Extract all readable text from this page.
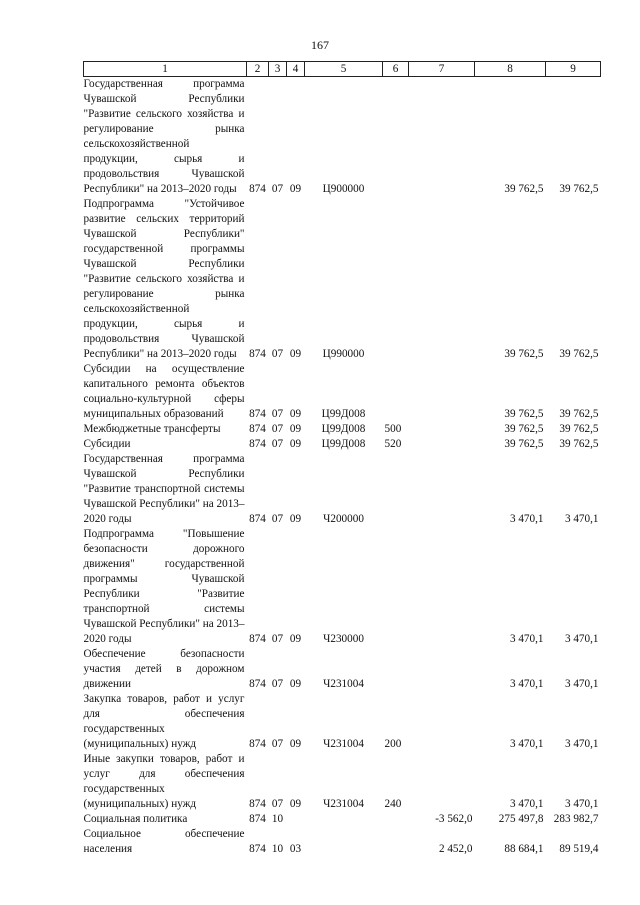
167
1	2	3	4	5	6	7	8	9
Государственная программа Чувашской Республики "Развитие сельского хозяйства и регулирование рынка сельскохозяйственной продукции, сырья и продовольствия Чувашской Республики" на 2013–2020 годы	874	07	09	Ц900000			39 762,5	39 762,5
Подпрограмма "Устойчивое развитие сельских территорий Чувашской Республики" государственной программы Чувашской Республики "Развитие сельского хозяйства и регулирование рынка сельскохозяйственной продукции, сырья и продовольствия Чувашской Республики" на 2013–2020 годы	874	07	09	Ц990000			39 762,5	39 762,5
Субсидии на осуществление капитального ремонта объектов социально-культурной сферы муниципальных образований	874	07	09	Ц99Д008			39 762,5	39 762,5
Межбюджетные трансферты	874	07	09	Ц99Д008	500		39 762,5	39 762,5
Субсидии	874	07	09	Ц99Д008	520		39 762,5	39 762,5
Государственная программа Чувашской Республики "Развитие транспортной системы Чувашской Республики" на 2013–2020 годы	874	07	09	Ч200000			3 470,1	3 470,1
Подпрограмма "Повышение безопасности дорожного движения" государственной программы Чувашской Республики "Развитие транспортной системы Чувашской Республики" на 2013–2020 годы	874	07	09	Ч230000			3 470,1	3 470,1
Обеспечение безопасности участия детей в дорожном движении	874	07	09	Ч231004			3 470,1	3 470,1
Закупка товаров, работ и услуг для обеспечения государственных (муниципальных) нужд	874	07	09	Ч231004	200		3 470,1	3 470,1
Иные закупки товаров, работ и услуг для обеспечения государственных (муниципальных) нужд	874	07	09	Ч231004	240		3 470,1	3 470,1
Социальная политика	874	10				-3 562,0	275 497,8	283 982,7
Социальное обеспечение населения	874	10	03			2 452,0	88 684,1	89 519,4
